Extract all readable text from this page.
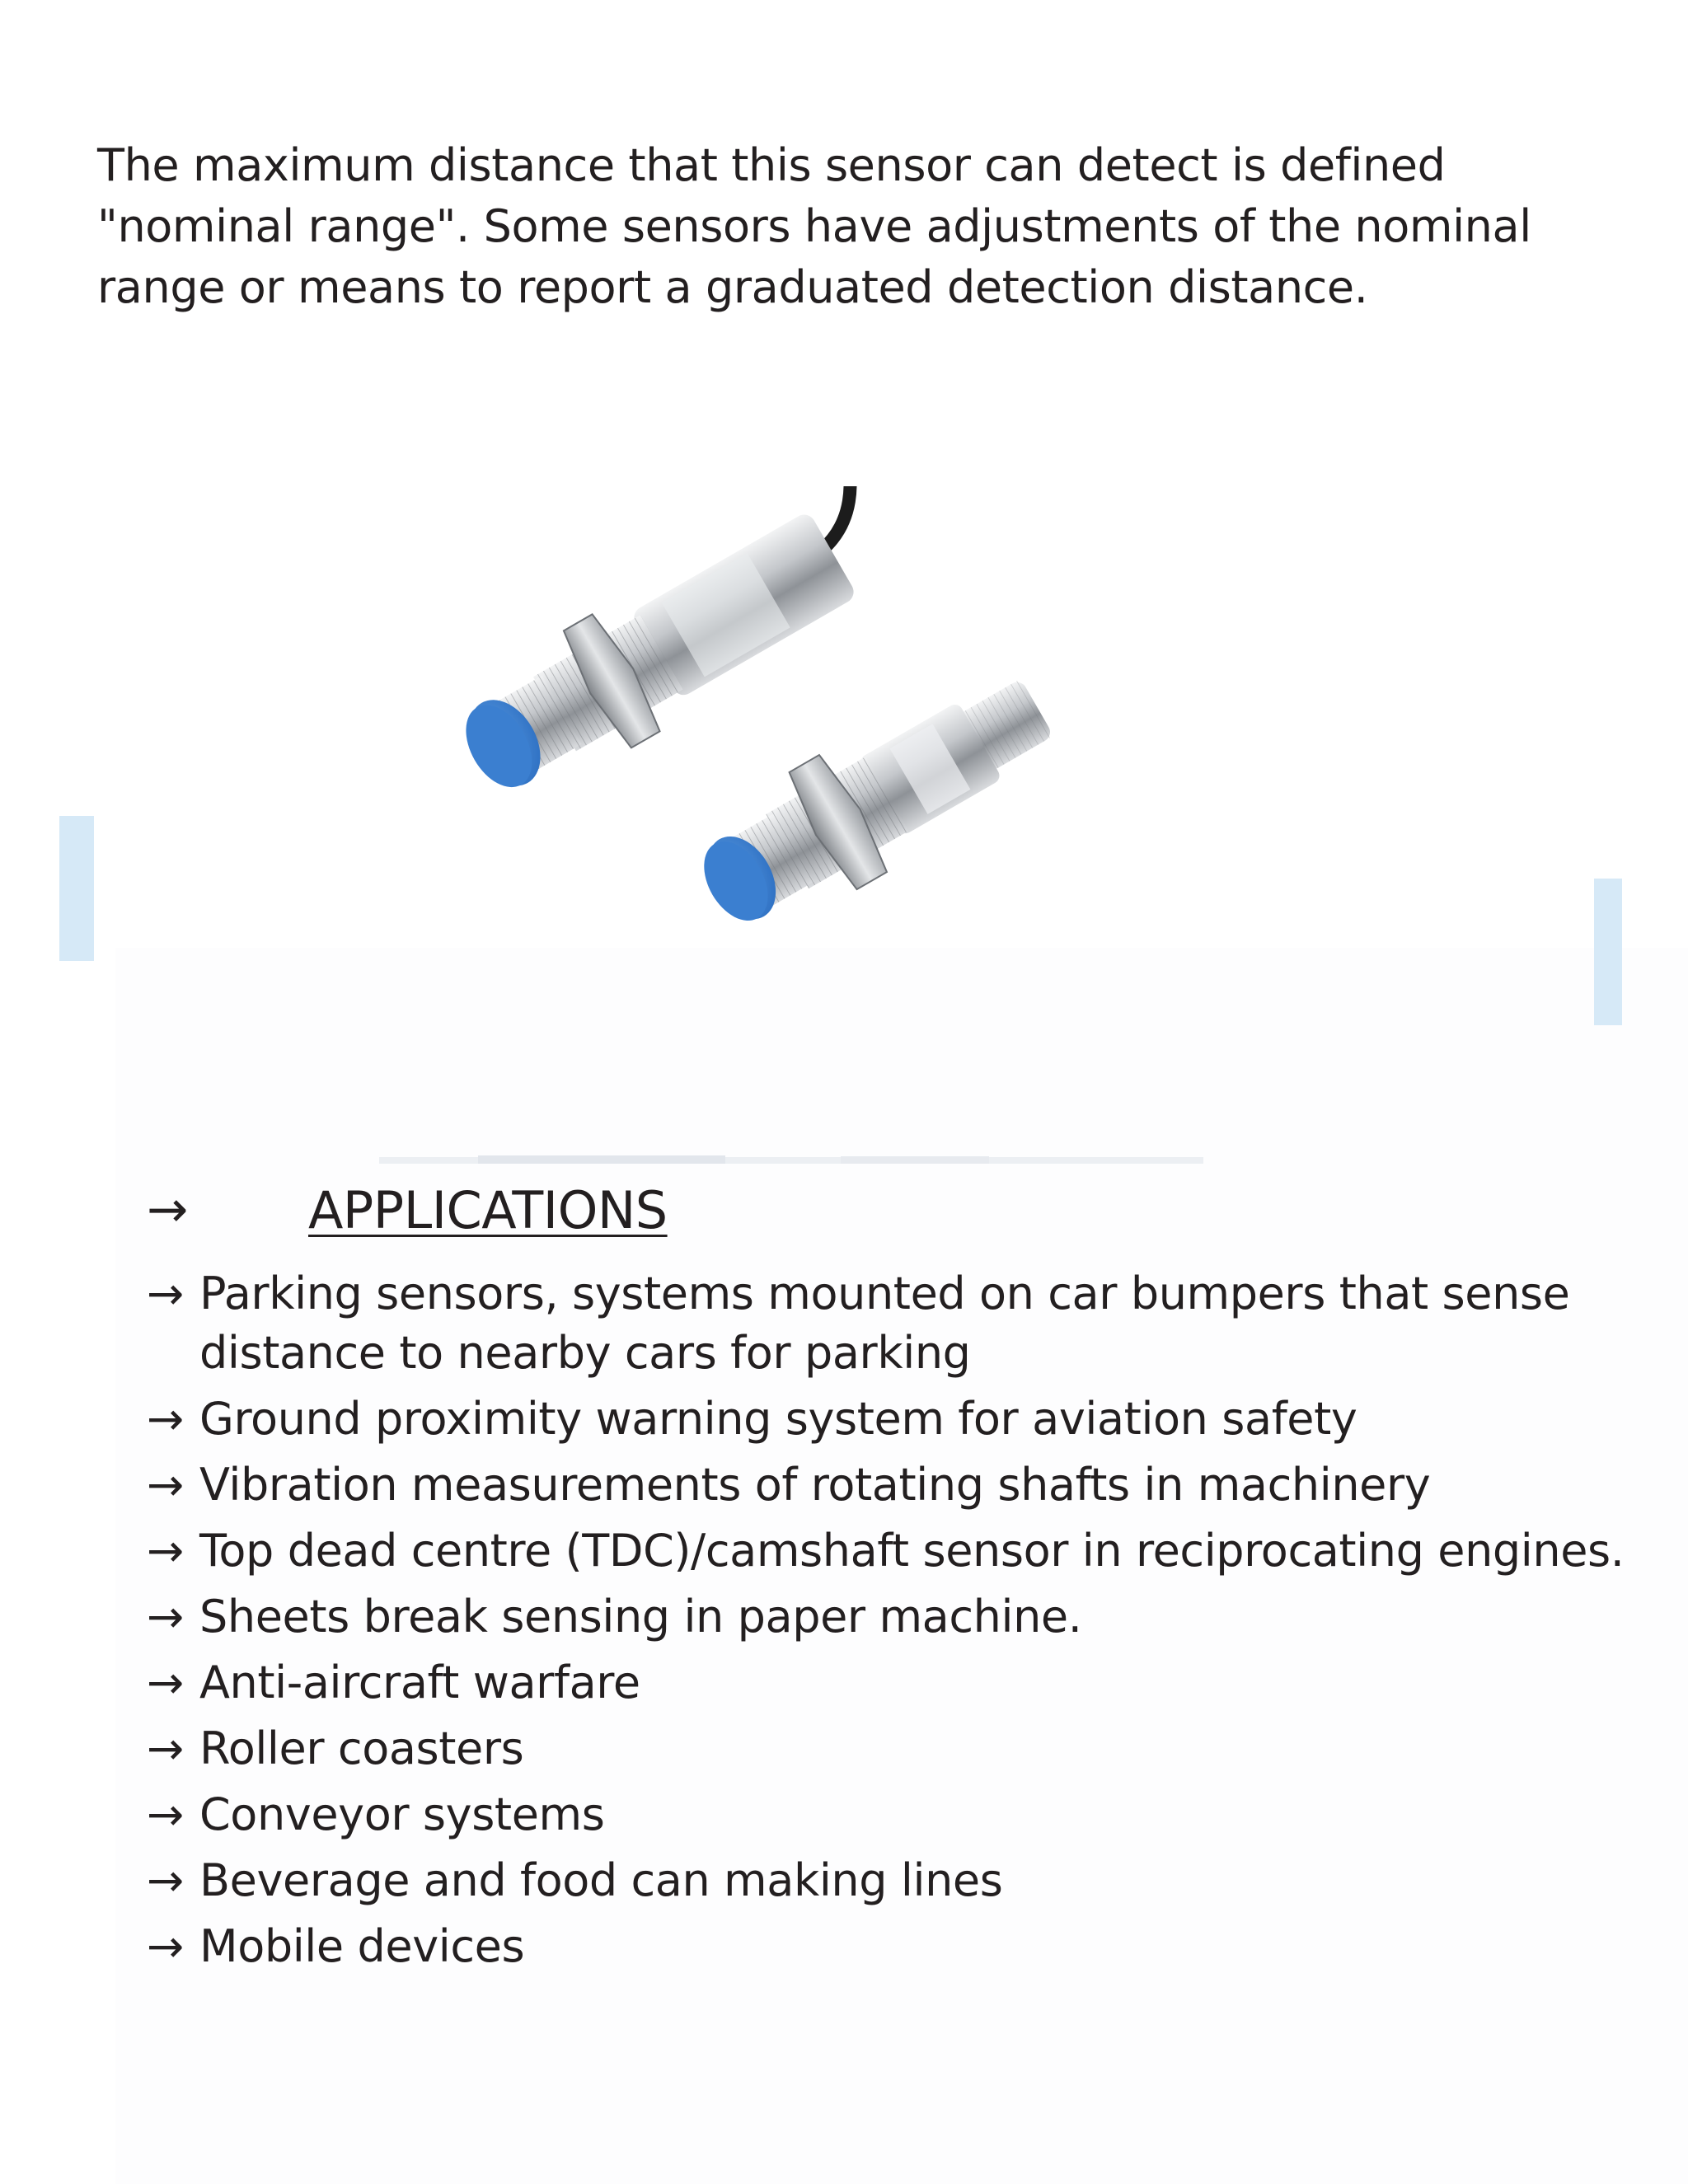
The maximum distance that this sensor can detect is defined "nominal range". Some sensors have adjustments of the nominal range or means to report a graduated detection distance.

→	APPLICATIONS
→ Parking sensors, systems mounted on car bumpers that sense distance to nearby cars for parking
→ Ground proximity warning system for aviation safety
→ Vibration measurements of rotating shafts in machinery
→ Top dead centre (TDC)/camshaft sensor in reciprocating engines.
→ Sheets break sensing in paper machine.
→ Anti-aircraft warfare
→ Roller coasters
→ Conveyor systems
→ Beverage and food can making lines
→ Mobile devices
